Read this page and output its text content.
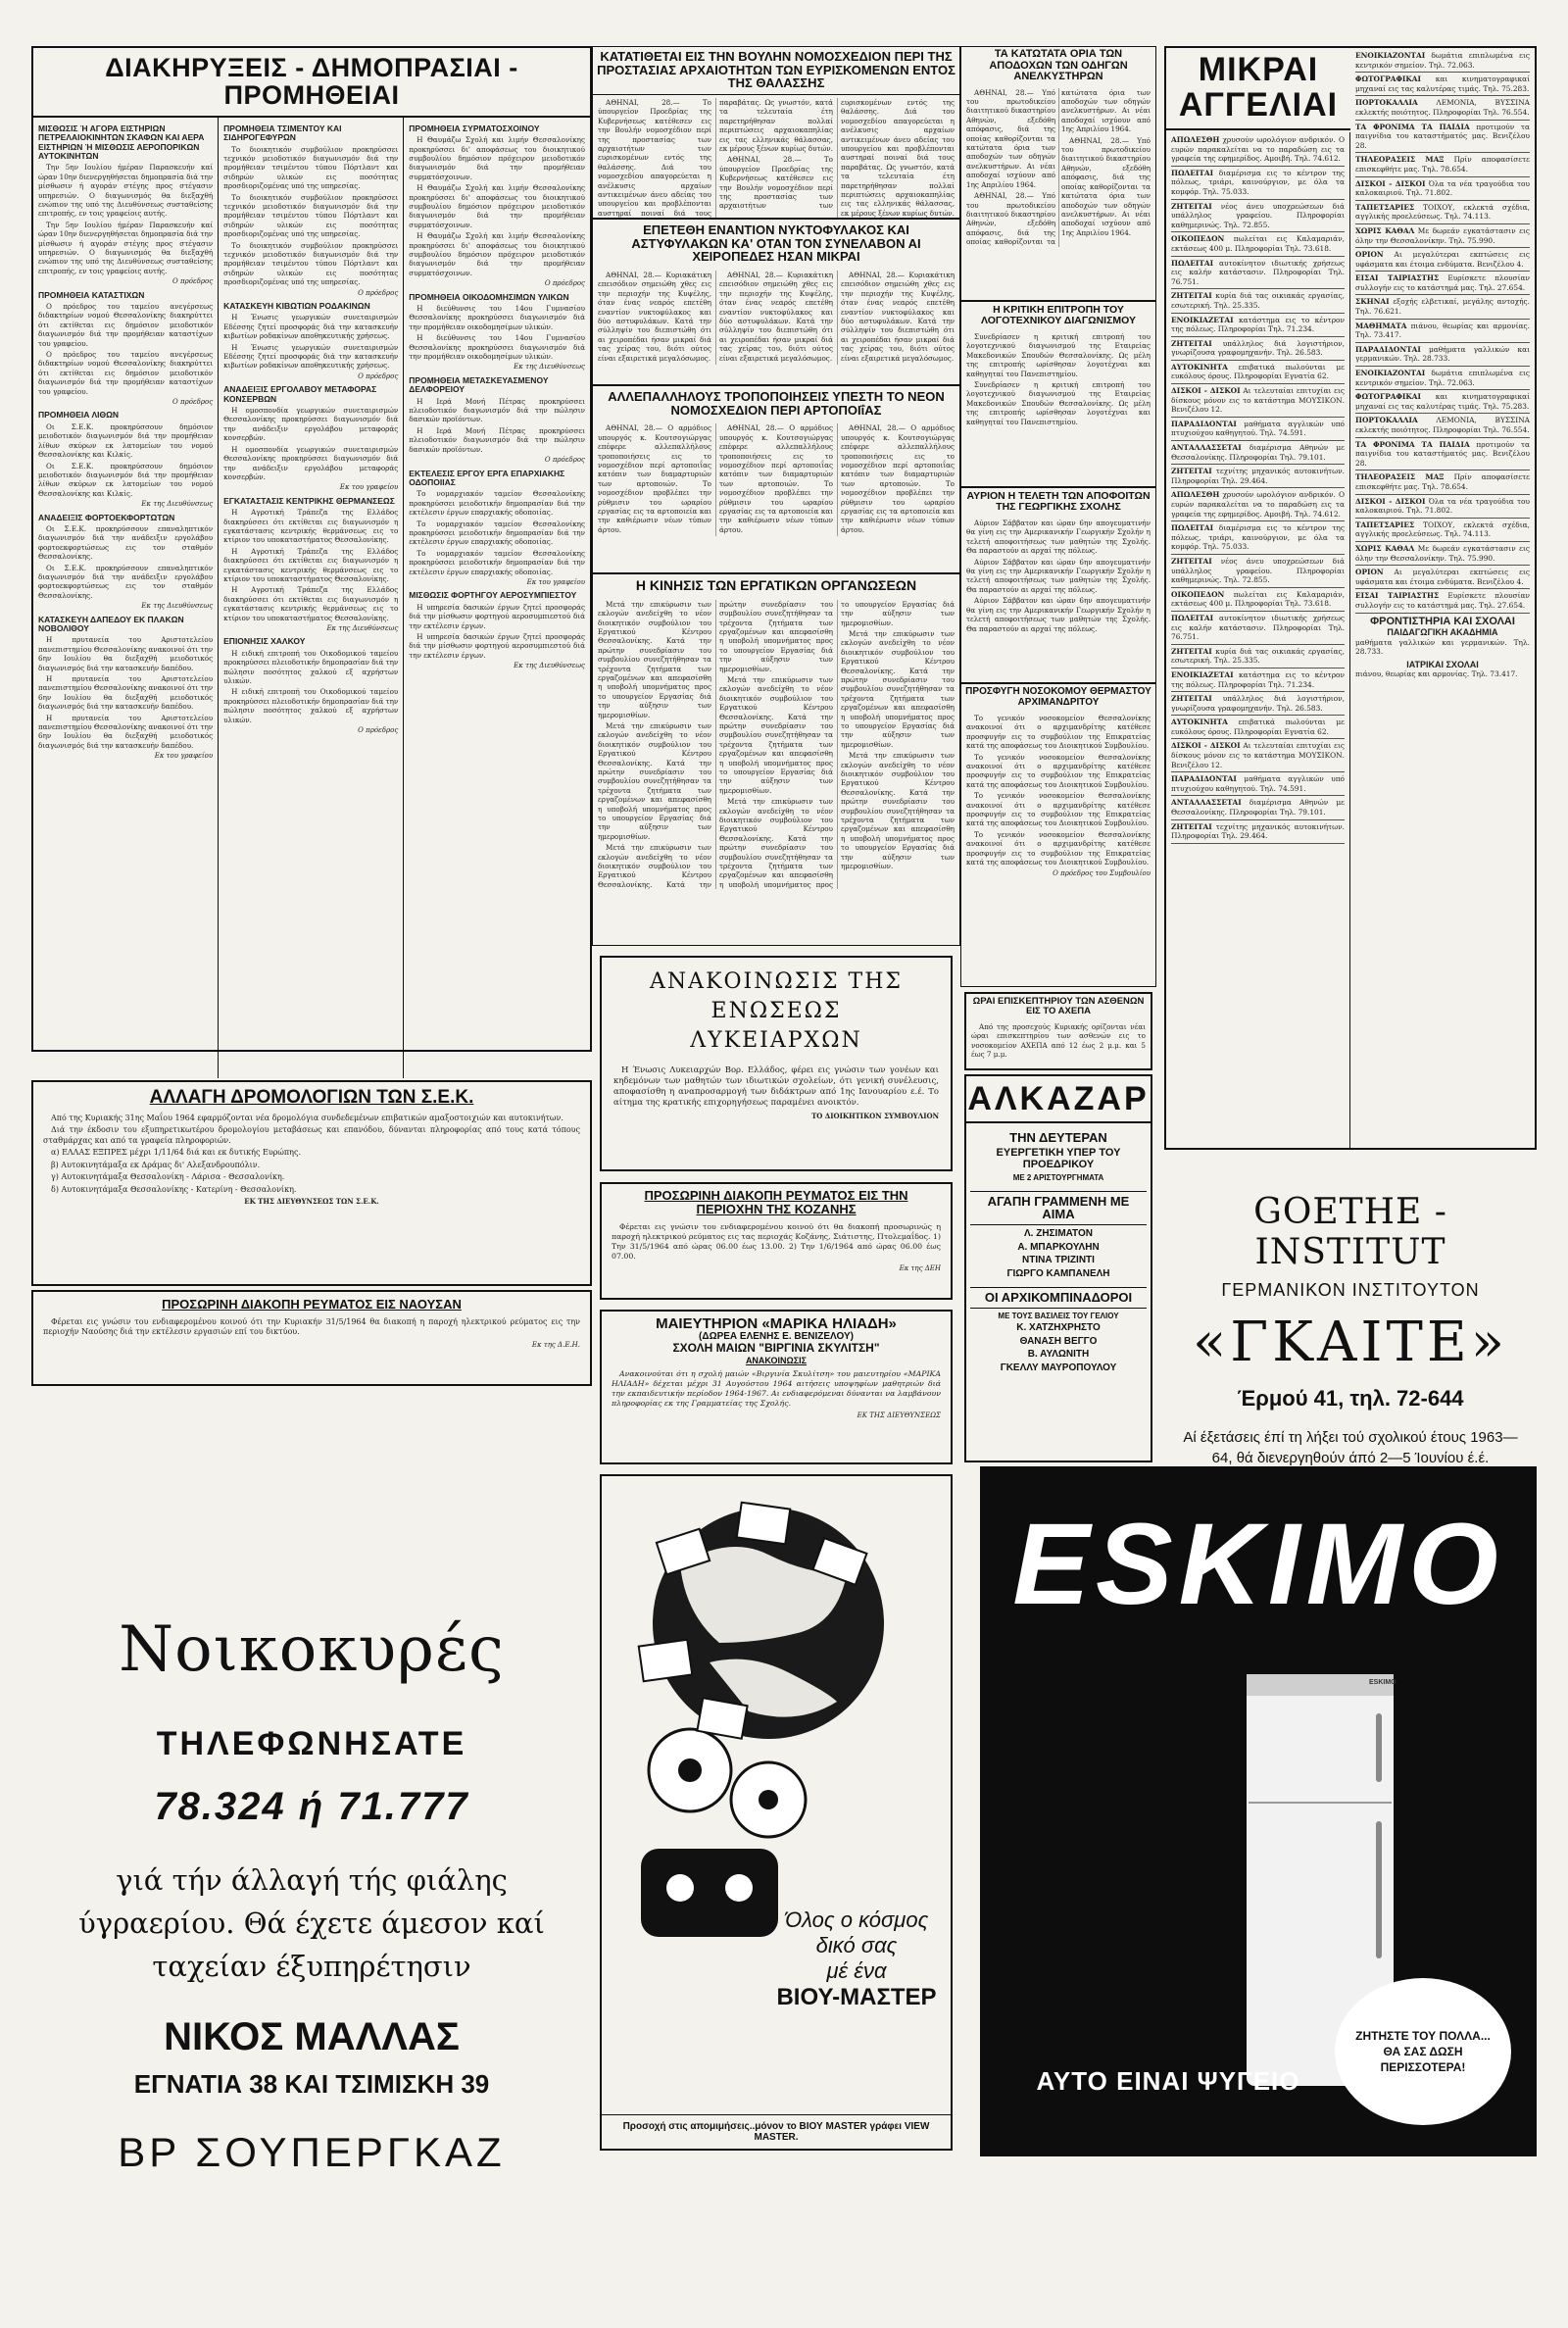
ΔΙΑΚΗΡΥΞΕΙΣ - ΔΗΜΟΠΡΑΣΙΑΙ - ΠΡΟΜΗΘΕΙΑΙ
ΜΙΣΘΩΣΙΣ Ή ΑΓΟΡΑ ΕΙΣΤΗΡΙΩΝ ΠΕΤΡΕΛΑΙΟΚΙΝΗΤΩΝ ΣΚΑΦΩΝ ΚΑΙ ΑΕΡΑ ΕΙΣΤΗΡΙΩΝ Ή ΜΙΣΘΩΣΙΣ ΑΕΡΟΠΟΡΙΚΩΝ ΑΥΤΟΚΙΝΗΤΩΝ

Την 5ην Ιουλίου ήμέραν Παρασκευήν καί ώραν 10ην διενεργηθήσεται δημοπρασία διά την μίσθωσιν ή αγοράν στέγης προς στέγασιν υπηρεσιών. Ο διαγωνισμός θα διεξαχθή ενώπιον της υπό της Διευθύνσεως συσταθείσης επιτροπής, εν τοις γραφείοις αυτής.

Την 5ην Ιουλίου ήμέραν Παρασκευήν καί ώραν 10ην διενεργηθήσεται δημοπρασία διά την μίσθωσιν ή αγοράν στέγης προς στέγασιν υπηρεσιών. Ο διαγωνισμός θα διεξαχθή ενώπιον της υπό της Διευθύνσεως συσταθείσης επιτροπής, εν τοις γραφείοις αυτής.

Ο πρόεδρος
ΠΡΟΜΗΘΕΙΑ ΚΑΤΑΣΤΙΧΩΝ

Ο πρόεδρος του ταμείου ανεγέρσεως διδακτηρίων νομού Θεσσαλονίκης διακηρύττει ότι εκτίθεται εις δημόσιον μειοδοτικόν διαγωνισμόν διά την προμήθειαν καταστίχων του γραφείου.

Ο πρόεδρος του ταμείου ανεγέρσεως διδακτηρίων νομού Θεσσαλονίκης διακηρύττει ότι εκτίθεται εις δημόσιον μειοδοτικόν διαγωνισμόν διά την προμήθειαν καταστίχων του γραφείου.

Ο πρόεδρος
ΠΡΟΜΗΘΕΙΑ ΛΙΘΩΝ

Οι Σ.Ε.Κ. προκηρύσσουν δημόσιον μειοδοτικόν διαγωνισμόν διά την προμήθειαν λίθων σκύρων εκ λατομείων του νομού Θεσσαλονίκης και Κιλκίς.

Οι Σ.Ε.Κ. προκηρύσσουν δημόσιον μειοδοτικόν διαγωνισμόν διά την προμήθειαν λίθων σκύρων εκ λατομείων του νομού Θεσσαλονίκης και Κιλκίς.

Εκ της Διευθύνσεως
ΑΝΑΔΕΙΞΙΣ ΦΟΡΤΟΕΚΦΟΡΤΩΤΩΝ

Οι Σ.Ε.Κ. προκηρύσσουν επαναληπτικόν διαγωνισμόν διά την ανάδειξιν εργολάβου φορτοεκφορτώσεως εις τον σταθμόν Θεσσαλονίκης.

Οι Σ.Ε.Κ. προκηρύσσουν επαναληπτικόν διαγωνισμόν διά την ανάδειξιν εργολάβου φορτοεκφορτώσεως εις τον σταθμόν Θεσσαλονίκης.

Εκ της Διευθύνσεως
ΚΑΤΑΣΚΕΥΗ ΔΑΠΕΔΟΥ ΕΚ ΠΛΑΚΩΝ ΝΟΒΟΛΙΘΟΥ

Η πρυτανεία του Αριστοτελείου πανεπιστημίου Θεσσαλονίκης ανακοινοί ότι την 6ην Ιουλίου θα διεξαχθή μειοδοτικός διαγωνισμός διά την κατασκευήν δαπέδου.

Η πρυτανεία του Αριστοτελείου πανεπιστημίου Θεσσαλονίκης ανακοινοί ότι την 6ην Ιουλίου θα διεξαχθή μειοδοτικός διαγωνισμός διά την κατασκευήν δαπέδου.

Η πρυτανεία του Αριστοτελείου πανεπιστημίου Θεσσαλονίκης ανακοινοί ότι την 6ην Ιουλίου θα διεξαχθή μειοδοτικός διαγωνισμός διά την κατασκευήν δαπέδου.

Εκ του γραφείου
ΠΡΟΜΗΘΕΙΑ ΤΣΙΜΕΝΤΟΥ ΚΑΙ ΣΙΔΗΡΟΓΕΦΥΡΩΝ

Το διοικητικόν συμβούλιον προκηρύσσει τεχνικόν μειοδοτικόν διαγωνισμόν διά την προμήθειαν τσιμέντου τύπου Πόρτλαντ και σιδηρών υλικών εις ποσότητας προσδιοριζομένας υπό της υπηρεσίας.

Το διοικητικόν συμβούλιον προκηρύσσει τεχνικόν μειοδοτικόν διαγωνισμόν διά την προμήθειαν τσιμέντου τύπου Πόρτλαντ και σιδηρών υλικών εις ποσότητας προσδιοριζομένας υπό της υπηρεσίας.

Το διοικητικόν συμβούλιον προκηρύσσει τεχνικόν μειοδοτικόν διαγωνισμόν διά την προμήθειαν τσιμέντου τύπου Πόρτλαντ και σιδηρών υλικών εις ποσότητας προσδιοριζομένας υπό της υπηρεσίας.

Ο πρόεδρος
ΚΑΤΑΣΚΕΥΗ ΚΙΒΩΤΙΩΝ ΡΟΔΑΚΙΝΩΝ

Η Ένωσις γεωργικών συνεταιρισμών Εδέσσης ζητεί προσφοράς διά την κατασκευήν κιβωτίων ροδακίνων αποθηκευτικής χρήσεως.

Η Ένωσις γεωργικών συνεταιρισμών Εδέσσης ζητεί προσφοράς διά την κατασκευήν κιβωτίων ροδακίνων αποθηκευτικής χρήσεως.

Ο πρόεδρος
ΑΝΑΔΕΙΞΙΣ ΕΡΓΟΛΑΒΟΥ ΜΕΤΑΦΟΡΑΣ ΚΟΝΣΕΡΒΩΝ

Η ομοσπονδία γεωργικών συνεταιρισμών Θεσσαλονίκης προκηρύσσει διαγωνισμόν διά την ανάδειξιν εργολάβου μεταφοράς κονσερβών.

Η ομοσπονδία γεωργικών συνεταιρισμών Θεσσαλονίκης προκηρύσσει διαγωνισμόν διά την ανάδειξιν εργολάβου μεταφοράς κονσερβών.

Εκ του γραφείου
ΕΓΚΑΤΑΣΤΑΣΙΣ ΚΕΝΤΡΙΚΗΣ ΘΕΡΜΑΝΣΕΩΣ

Η Αγροτική Τράπεζα της Ελλάδος διακηρύσσει ότι εκτίθεται εις διαγωνισμόν η εγκατάστασις κεντρικής θερμάνσεως εις το κτίριον του υποκαταστήματος Θεσσαλονίκης.

Η Αγροτική Τράπεζα της Ελλάδος διακηρύσσει ότι εκτίθεται εις διαγωνισμόν η εγκατάστασις κεντρικής θερμάνσεως εις το κτίριον του υποκαταστήματος Θεσσαλονίκης.

Η Αγροτική Τράπεζα της Ελλάδος διακηρύσσει ότι εκτίθεται εις διαγωνισμόν η εγκατάστασις κεντρικής θερμάνσεως εις το κτίριον του υποκαταστήματος Θεσσαλονίκης.

Εκ της Διευθύνσεως
ΕΠΙΟΝΗΣΙΣ ΧΑΛΚΟΥ

Η ειδική επιτροπή του Οικοδομικού ταμείου προκηρύσσει πλειοδοτικήν δημοπρασίαν διά την πώλησιν ποσότητος χαλκού εξ αχρήστων υλικών.

Η ειδική επιτροπή του Οικοδομικού ταμείου προκηρύσσει πλειοδοτικήν δημοπρασίαν διά την πώλησιν ποσότητος χαλκού εξ αχρήστων υλικών.

Ο πρόεδρος
ΠΡΟΜΗΘΕΙΑ ΣΥΡΜΑΤΟΣΧΟΙΝΟΥ

Η Θαυμάζω Σχολή και λιμήν Θεσσαλονίκης προκηρύσσει δι' αποφάσεως του διοικητικού συμβουλίου δημόσιον πρόχειρον μειοδοτικόν διαγωνισμόν διά την προμήθειαν συρματόσχοινων.

Η Θαυμάζω Σχολή και λιμήν Θεσσαλονίκης προκηρύσσει δι' αποφάσεως του διοικητικού συμβουλίου δημόσιον πρόχειρον μειοδοτικόν διαγωνισμόν διά την προμήθειαν συρματόσχοινων.

Η Θαυμάζω Σχολή και λιμήν Θεσσαλονίκης προκηρύσσει δι' αποφάσεως του διοικητικού συμβουλίου δημόσιον πρόχειρον μειοδοτικόν διαγωνισμόν διά την προμήθειαν συρματόσχοινων.

Ο πρόεδρος
ΠΡΟΜΗΘΕΙΑ ΟΙΚΟΔΟΜΗΣΙΜΩΝ ΥΛΙΚΩΝ

Η διεύθυνσις του 14ου Γυμνασίου Θεσσαλονίκης προκηρύσσει διαγωνισμόν διά την προμήθειαν οικοδομησίμων υλικών.

Η διεύθυνσις του 14ου Γυμνασίου Θεσσαλονίκης προκηρύσσει διαγωνισμόν διά την προμήθειαν οικοδομησίμων υλικών.

Εκ της Διευθύνσεως
ΠΡΟΜΗΘΕΙΑ ΜΕΤΑΣΚΕΥΑΣΜΕΝΟΥ ΔΕΛΦΟΡΕΙΟΥ

Η Ιερά Μονή Πέτρας προκηρύσσει πλειοδοτικόν διαγωνισμόν διά την πώλησιν δασικών προϊόντων.

Η Ιερά Μονή Πέτρας προκηρύσσει πλειοδοτικόν διαγωνισμόν διά την πώλησιν δασικών προϊόντων.

Ο πρόεδρος
ΕΚΤΕΛΕΣΙΣ ΕΡΓΟΥ ΕΡΓΑ ΕΠΑΡΧΙΑΚΗΣ ΟΔΟΠΟΙΙΑΣ

Το νομαρχιακόν ταμείον Θεσσαλονίκης προκηρύσσει μειοδοτικήν δημοπρασίαν διά την εκτέλεσιν έργων επαρχιακής οδοποιίας.

Το νομαρχιακόν ταμείον Θεσσαλονίκης προκηρύσσει μειοδοτικήν δημοπρασίαν διά την εκτέλεσιν έργων επαρχιακής οδοποιίας.

Το νομαρχιακόν ταμείον Θεσσαλονίκης προκηρύσσει μειοδοτικήν δημοπρασίαν διά την εκτέλεσιν έργων επαρχιακής οδοποιίας.

Εκ του γραφείου
ΜΙΣΘΩΣΙΣ ΦΟΡΤΗΓΟΥ ΑΕΡΟΣΥΜΠΙΕΣΤΟΥ

Η υπηρεσία δασικών έργων ζητεί προσφοράς διά την μίσθωσιν φορτηγού αεροσυμπιεστού διά την εκτέλεσιν έργων.

Η υπηρεσία δασικών έργων ζητεί προσφοράς διά την μίσθωσιν φορτηγού αεροσυμπιεστού διά την εκτέλεσιν έργων.

Εκ της Διευθύνσεως
ΑΛΛΑΓΗ ΔΡΟΜΟΛΟΓΙΩΝ ΤΩΝ Σ.Ε.Κ.

Από της Κυριακής 31ης Μαΐου 1964 εφαρμόζονται νέα δρομολόγια συνδεδεμένων επιβατικών αμαξοστοιχιών και αυτοκινήτων.

Διά την έκδοσιν του εξυπηρετικωτέρου δρομολογίου μεταβάσεως και επανόδου, δύνανται πληροφορίας από τους κατά τόπους σταθμάρχας και από τα γραφεία πληροφοριών.

α) ΕΛΛΑΣ ΕΞΠΡΕΣ μέχρι 1/11/64 διά και εκ δυτικής Ευρώπης.

β) Αυτοκινητάμαξα εκ Δράμας δι' Αλεξανδρουπόλιν.

γ) Αυτοκινητάμαξα Θεσσαλονίκη - Λάρισα - Θεσσαλονίκη.

δ) Αυτοκινητάμαξα Θεσσαλονίκης - Κατερίνη - Θεσσαλονίκη.

ΕΚ ΤΗΣ ΔΙΕΥΘΥΝΣΕΩΣ ΤΩΝ Σ.Ε.Κ.
ΠΡΟΣΩΡΙΝΗ ΔΙΑΚΟΠΗ ΡΕΥΜΑΤΟΣ ΕΙΣ ΝΑΟΥΣΑΝ

Φέρεται εις γνώσιν του ενδιαφερομένου κοινού ότι την Κυριακήν 31/5/1964 θα διακοπή η παροχή ηλεκτρικού ρεύματος εις την περιοχήν Ναούσης διά την εκτέλεσιν εργασιών επί του δικτύου.

Εκ της Δ.Ε.Η.
Νοικοκυρές
ΤΗΛΕΦΩΝΗΣΑΤΕ
78.324 ή 71.777
γιά τήν άλλαγή τής φιάλης ύγραερίου. Θά έχετε άμεσον καί ταχείαν έξυπηρέτησιν
ΝΙΚΟΣ ΜΑΛΛΑΣ
ΕΓΝΑΤΙΑ 38 ΚΑΙ ΤΣΙΜΙΣΚΗ 39
ΒΡ ΣΟΥΠΕΡΓΚΑΖ
ΚΑΤΑΤΙΘΕΤΑΙ ΕΙΣ ΤΗΝ ΒΟΥΛΗΝ ΝΟΜΟΣΧΕΔΙΟΝ ΠΕΡΙ ΤΗΣ ΠΡΟΣΤΑΣΙΑΣ ΑΡΧΑΙΟΤΗΤΩΝ ΤΩΝ ΕΥΡΙΣΚΟΜΕΝΩΝ ΕΝΤΟΣ ΤΗΣ ΘΑΛΑΣΣΗΣ

ΑΘΗΝΑΙ, 28.— Το ύπουργείον Προεδρίας της Κυβερνήσεως κατέθεσεν εις την Βουλήν νομοσχέδιον περί της προστασίας των αρχαιοτήτων των ευρισκομένων εντός της θαλάσσης. Διά του νομοσχεδίου απαγορεύεται η ανέλκυσις αρχαίων αντικειμένων άνευ αδείας του υπουργείου και προβλέπονται αυστηραί ποιναί διά τους παραβάτας. Ως γνωστόν, κατά τα τελευταία έτη παρετηρήθησαν πολλαί περιπτώσεις αρχαιοκαπηλίας εις τας ελληνικάς θάλασσας, εκ μέρους ξένων κυρίως δυτών.

ΑΘΗΝΑΙ, 28.— Το ύπουργείον Προεδρίας της Κυβερνήσεως κατέθεσεν εις την Βουλήν νομοσχέδιον περί της προστασίας των αρχαιοτήτων των ευρισκομένων εντός της θαλάσσης. Διά του νομοσχεδίου απαγορεύεται η ανέλκυσις αρχαίων αντικειμένων άνευ αδείας του υπουργείου και προβλέπονται αυστηραί ποιναί διά τους παραβάτας. Ως γνωστόν, κατά τα τελευταία έτη παρετηρήθησαν πολλαί περιπτώσεις αρχαιοκαπηλίας εις τας ελληνικάς θάλασσας, εκ μέρους ξένων κυρίως δυτών.

ΕΠΕΤΕΘΗ ΕΝΑΝΤΙΟΝ ΝΥΚΤΟΦΥΛΑΚΟΣ ΚΑΙ ΑΣΤΥΦΥΛΑΚΩΝ ΚΑ' ΟΤΑΝ ΤΟΝ ΣΥΝΕΛΑΒΟΝ ΑΙ ΧΕΙΡΟΠΕΔΕΣ ΗΣΑΝ ΜΙΚΡΑΙ

ΑΘΗΝΑΙ, 28.— Κυριακάτικη επεισόδιον σημειώθη χθες εις την περιοχήν της Κυψέλης, όταν ένας νεαρός επετέθη εναντίον νυκτοφύλακος και δύο αστυφυλάκων. Κατά την σύλληψίν του διεπιστώθη ότι αι χειροπέδαι ήσαν μικραί διά τας χείρας του, διότι ούτος είναι εξαιρετικά μεγαλόσωμος.

ΑΘΗΝΑΙ, 28.— Κυριακάτικη επεισόδιον σημειώθη χθες εις την περιοχήν της Κυψέλης, όταν ένας νεαρός επετέθη εναντίον νυκτοφύλακος και δύο αστυφυλάκων. Κατά την σύλληψίν του διεπιστώθη ότι αι χειροπέδαι ήσαν μικραί διά τας χείρας του, διότι ούτος είναι εξαιρετικά μεγαλόσωμος.

ΑΘΗΝΑΙ, 28.— Κυριακάτικη επεισόδιον σημειώθη χθες εις την περιοχήν της Κυψέλης, όταν ένας νεαρός επετέθη εναντίον νυκτοφύλακος και δύο αστυφυλάκων. Κατά την σύλληψίν του διεπιστώθη ότι αι χειροπέδαι ήσαν μικραί διά τας χείρας του, διότι ούτος είναι εξαιρετικά μεγαλόσωμος.

ΑΛΛΕΠΑΛΛΗΛΟΥΣ ΤΡΟΠΟΠΟΙΗΣΕΙΣ ΥΠΕΣΤΗ ΤΟ ΝΕΟΝ ΝΟΜΟΣΧΕΔΙΟΝ ΠΕΡΙ ΑΡΤΟΠΟΙΐΑΣ

ΑΘΗΝΑΙ, 28.— Ο αρμόδιος υπουργός κ. Κουτσογιώργας επέφερε αλλεπαλλήλους τροποποιήσεις εις το νομοσχέδιον περί αρτοποιΐας κατόπιν των διαμαρτυριών των αρτοποιών. Το νομοσχέδιον προβλέπει την ρύθμισιν του ωραρίου εργασίας εις τα αρτοποιεία και την καθιέρωσιν νέων τύπων άρτου.

ΑΘΗΝΑΙ, 28.— Ο αρμόδιος υπουργός κ. Κουτσογιώργας επέφερε αλλεπαλλήλους τροποποιήσεις εις το νομοσχέδιον περί αρτοποιΐας κατόπιν των διαμαρτυριών των αρτοποιών. Το νομοσχέδιον προβλέπει την ρύθμισιν του ωραρίου εργασίας εις τα αρτοποιεία και την καθιέρωσιν νέων τύπων άρτου.

ΑΘΗΝΑΙ, 28.— Ο αρμόδιος υπουργός κ. Κουτσογιώργας επέφερε αλλεπαλλήλους τροποποιήσεις εις το νομοσχέδιον περί αρτοποιΐας κατόπιν των διαμαρτυριών των αρτοποιών. Το νομοσχέδιον προβλέπει την ρύθμισιν του ωραρίου εργασίας εις τα αρτοποιεία και την καθιέρωσιν νέων τύπων άρτου.

Η ΚΙΝΗΣΙΣ ΤΩΝ ΕΡΓΑΤΙΚΩΝ ΟΡΓΑΝΩΣΕΩΝ

Μετά την επικύρωσιν των εκλογών ανεδείχθη το νέον διοικητικόν συμβούλιον του Εργατικού Κέντρου Θεσσαλονίκης. Κατά την πρώτην συνεδρίασιν του συμβουλίου συνεζητήθησαν τα τρέχοντα ζητήματα των εργαζομένων και απεφασίσθη η υποβολή υπομνήματος προς το υπουργείον Εργασίας διά την αύξησιν των ημερομισθίων.

Μετά την επικύρωσιν των εκλογών ανεδείχθη το νέον διοικητικόν συμβούλιον του Εργατικού Κέντρου Θεσσαλονίκης. Κατά την πρώτην συνεδρίασιν του συμβουλίου συνεζητήθησαν τα τρέχοντα ζητήματα των εργαζομένων και απεφασίσθη η υποβολή υπομνήματος προς το υπουργείον Εργασίας διά την αύξησιν των ημερομισθίων.

Μετά την επικύρωσιν των εκλογών ανεδείχθη το νέον διοικητικόν συμβούλιον του Εργατικού Κέντρου Θεσσαλονίκης. Κατά την πρώτην συνεδρίασιν του συμβουλίου συνεζητήθησαν τα τρέχοντα ζητήματα των εργαζομένων και απεφασίσθη η υποβολή υπομνήματος προς το υπουργείον Εργασίας διά την αύξησιν των ημερομισθίων.

Μετά την επικύρωσιν των εκλογών ανεδείχθη το νέον διοικητικόν συμβούλιον του Εργατικού Κέντρου Θεσσαλονίκης. Κατά την πρώτην συνεδρίασιν του συμβουλίου συνεζητήθησαν τα τρέχοντα ζητήματα των εργαζομένων και απεφασίσθη η υποβολή υπομνήματος προς το υπουργείον Εργασίας διά την αύξησιν των ημερομισθίων.

Μετά την επικύρωσιν των εκλογών ανεδείχθη το νέον διοικητικόν συμβούλιον του Εργατικού Κέντρου Θεσσαλονίκης. Κατά την πρώτην συνεδρίασιν του συμβουλίου συνεζητήθησαν τα τρέχοντα ζητήματα των εργαζομένων και απεφασίσθη η υποβολή υπομνήματος προς το υπουργείον Εργασίας διά την αύξησιν των ημερομισθίων.

Μετά την επικύρωσιν των εκλογών ανεδείχθη το νέον διοικητικόν συμβούλιον του Εργατικού Κέντρου Θεσσαλονίκης. Κατά την πρώτην συνεδρίασιν του συμβουλίου συνεζητήθησαν τα τρέχοντα ζητήματα των εργαζομένων και απεφασίσθη η υποβολή υπομνήματος προς το υπουργείον Εργασίας διά την αύξησιν των ημερομισθίων.

Μετά την επικύρωσιν των εκλογών ανεδείχθη το νέον διοικητικόν συμβούλιον του Εργατικού Κέντρου Θεσσαλονίκης. Κατά την πρώτην συνεδρίασιν του συμβουλίου συνεζητήθησαν τα τρέχοντα ζητήματα των εργαζομένων και απεφασίσθη η υποβολή υπομνήματος προς το υπουργείον Εργασίας διά την αύξησιν των ημερομισθίων.

ΑΝΑΚΟΙΝΩΣΙΣ ΤΗΣ ΕΝΩΣΕΩΣ ΛΥΚΕΙΑΡΧΩΝ

Η Ένωσις Λυκειαρχών Βορ. Ελλάδος, φέρει εις γνώσιν των γονέων και κηδεμόνων των μαθητών των ιδιωτικών σχολείων, ότι γενική συνέλευσις, αποφασίσθη η αναπροσαρμογή των διδάκτρων από 1ης Ιανουαρίου ε.έ. Το αίτημα της κρατικής επιχορηγήσεως παραμένει ανοικτόν.

ΤΟ ΔΙΟΙΚΗΤΙΚΟΝ ΣΥΜΒΟΥΛΙΟΝ
ΠΡΟΣΩΡΙΝΗ ΔΙΑΚΟΠΗ ΡΕΥΜΑΤΟΣ ΕΙΣ ΤΗΝ ΠΕΡΙΟΧΗΝ ΤΗΣ ΚΟΖΑΝΗΣ

Φέρεται εις γνώσιν του ενδιαφερομένου κοινού ότι θα διακοπή προσωρινώς η παροχή ηλεκτρικού ρεύματος εις τας περιοχάς Κοζάνης, Σιάτιστης, Πτολεμαΐδος. 1) Την 31/5/1964 από ώρας 06.00 έως 13.00. 2) Την 1/6/1964 από ώρας 06.00 έως 07.00.

Εκ της ΔΕΗ
ΜΑΙΕΥΤΗΡΙΟΝ «ΜΑΡΙΚΑ ΗΛΙΑΔΗ»
(ΔΩΡΕΑ ΕΛΕΝΗΣ Ε. ΒΕΝΙΖΕΛΟΥ)
ΣΧΟΛΗ ΜΑΙΩΝ "ΒΙΡΓΙΝΙΑ ΣΚΥΛΙΤΣΗ"
ΑΝΑΚΟΙΝΩΣΙΣ

Ανακοινούται ότι η σχολή μαιών «Βιργινία Σκυλίτση» του μαιευτηρίου «ΜΑΡΙΚΑ ΗΛΙΑΔΗ» δέχεται μέχρι 31 Αυγούστου 1964 αιτήσεις υποψηφίων μαθητριών διά την εκπαιδευτικήν περίοδον 1964-1967. Αι ενδιαφερόμεναι δύνανται να λαμβάνουν πληροφορίας εκ της Γραμματείας της Σχολής.

ΕΚ ΤΗΣ ΔΙΕΥΘΥΝΣΕΩΣ
Όλος ο κόσμος
δικό σας
μέ ένα
ΒΙΟΥ-ΜΑΣΤΕΡ
Προσοχή στις απομιμήσεις..μόνον το ΒΙΟΥ MASTER γράφει VIEW MASTER.
ΤΑ ΚΑΤΩΤΑΤΑ ΟΡΙΑ ΤΩΝ ΑΠΟΔΟΧΩΝ ΤΩΝ ΟΔΗΓΩΝ ΑΝΕΛΚΥΣΤΗΡΩΝ

ΑΘΗΝΑΙ, 28.— Υπό του πρωτοδικείου διαιτητικού δικαστηρίου Αθηνών, εξεδόθη απόφασις, διά της οποίας καθορίζονται τα κατώτατα όρια των αποδοχών των οδηγών ανελκυστήρων. Αι νέαι αποδοχαί ισχύουν από 1ης Απριλίου 1964.

ΑΘΗΝΑΙ, 28.— Υπό του πρωτοδικείου διαιτητικού δικαστηρίου Αθηνών, εξεδόθη απόφασις, διά της οποίας καθορίζονται τα κατώτατα όρια των αποδοχών των οδηγών ανελκυστήρων. Αι νέαι αποδοχαί ισχύουν από 1ης Απριλίου 1964.

ΑΘΗΝΑΙ, 28.— Υπό του πρωτοδικείου διαιτητικού δικαστηρίου Αθηνών, εξεδόθη απόφασις, διά της οποίας καθορίζονται τα κατώτατα όρια των αποδοχών των οδηγών ανελκυστήρων. Αι νέαι αποδοχαί ισχύουν από 1ης Απριλίου 1964.

Η ΚΡΙΤΙΚΗ ΕΠΙΤΡΟΠΗ ΤΟΥ ΛΟΓΟΤΕΧΝΙΚΟΥ ΔΙΑΓΩΝΙΣΜΟΥ

Συνεδρίασεν η κριτική επιτροπή του λογοτεχνικού διαγωνισμού της Εταιρείας Μακεδονικών Σπουδών Θεσσαλονίκης. Ως μέλη της επιτροπής ωρίσθησαν λογοτέχναι και καθηγηταί του Πανεπιστημίου.

Συνεδρίασεν η κριτική επιτροπή του λογοτεχνικού διαγωνισμού της Εταιρείας Μακεδονικών Σπουδών Θεσσαλονίκης. Ως μέλη της επιτροπής ωρίσθησαν λογοτέχναι και καθηγηταί του Πανεπιστημίου.

ΑΥΡΙΟΝ Η ΤΕΛΕΤΗ ΤΩΝ ΑΠΟΦΟΙΤΩΝ ΤΗΣ ΓΕΩΡΓΙΚΗΣ ΣΧΟΛΗΣ

Αύριον Σάββατον και ώραν 6ην απογευματινήν θα γίνη εις την Αμερικανικήν Γεωργικήν Σχολήν η τελετή αποφοιτήσεως των μαθητών της Σχολής. Θα παραστούν αι αρχαί της πόλεως.

Αύριον Σάββατον και ώραν 6ην απογευματινήν θα γίνη εις την Αμερικανικήν Γεωργικήν Σχολήν η τελετή αποφοιτήσεως των μαθητών της Σχολής. Θα παραστούν αι αρχαί της πόλεως.

Αύριον Σάββατον και ώραν 6ην απογευματινήν θα γίνη εις την Αμερικανικήν Γεωργικήν Σχολήν η τελετή αποφοιτήσεως των μαθητών της Σχολής. Θα παραστούν αι αρχαί της πόλεως.

ΠΡΟΣΦΥΓΗ ΝΟΣΟΚΟΜΟΥ ΘΕΡΜΑΣΤΟΥ ΑΡΧΙΜΑΝΔΡΙΤΟΥ

Το γενικόν νοσοκομείον Θεσσαλονίκης ανακοινοί ότι ο αρχιμανδρίτης κατέθεσε προσφυγήν εις το συμβούλιον της Επικρατείας κατά της αποφάσεως του Διοικητικού Συμβουλίου.

Το γενικόν νοσοκομείον Θεσσαλονίκης ανακοινοί ότι ο αρχιμανδρίτης κατέθεσε προσφυγήν εις το συμβούλιον της Επικρατείας κατά της αποφάσεως του Διοικητικού Συμβουλίου.

Το γενικόν νοσοκομείον Θεσσαλονίκης ανακοινοί ότι ο αρχιμανδρίτης κατέθεσε προσφυγήν εις το συμβούλιον της Επικρατείας κατά της αποφάσεως του Διοικητικού Συμβουλίου.

Το γενικόν νοσοκομείον Θεσσαλονίκης ανακοινοί ότι ο αρχιμανδρίτης κατέθεσε προσφυγήν εις το συμβούλιον της Επικρατείας κατά της αποφάσεως του Διοικητικού Συμβουλίου.

Ο πρόεδρος του Συμβουλίου
ΩΡΑΙ ΕΠΙΣΚΕΠΤΗΡΙΟΥ ΤΩΝ ΑΣΘΕΝΩΝ ΕΙΣ ΤΟ ΑΧΕΠΑ

Από της προσεχούς Κυριακής ορίζονται νέαι ώραι επισκεπτηρίου των ασθενών εις το νοσοκομείον ΑΧΕΠΑ από 12 έως 2 μ.μ. και 5 έως 7 μ.μ.

ΑΛΚΑΖΑΡ
ΤΗΝ ΔΕΥΤΕΡΑΝ
ΕΥΕΡΓΕΤΙΚΗ ΥΠΕΡ ΤΟΥ
ΠΡΟΕΔΡΙΚΟΥ
ΜΕ 2 ΑΡΙΣΤΟΥΡΓΗΜΑΤΑ
ΑΓΑΠΗ ΓΡΑΜΜΕΝΗ ΜΕ ΑΙΜΑ
Λ. ΖΗΣΙΜΑΤΟΝ
Α. ΜΠΑΡΚΟΥΛΗΝ
ΝΤΙΝΑ ΤΡΙΖΙΝΤΙ
ΓΙΩΡΓΟ ΚΑΜΠΑΝΕΛΗ
ΟΙ ΑΡΧΙΚΟΜΠΙΝΑΔΟΡΟΙ
ΜΕ ΤΟΥΣ ΒΑΣΙΛΕΙΣ ΤΟΥ ΓΕΛΙΟΥ
Κ. ΧΑΤΖΗΧΡΗΣΤΟ
ΘΑΝΑΣΗ ΒΕΓΓΟ
Β. ΑΥΛΩΝΙΤΗ
ΓΚΕΛΛΥ ΜΑΥΡΟΠΟΥΛΟΥ
ΜΙΚΡΑΙ ΑΓΓΕΛΙΑΙ
ΑΠΩΛΕΣΘΗ χρυσούν ωρολόγιον ανδρικόν. Ο ευρών παρακαλείται να το παραδώση εις τα γραφεία της εφημερίδος. Αμοιβή. Τηλ. 74.612.
ΠΩΛΕΙΤΑΙ διαμέρισμα εις το κέντρον της πόλεως, τριάρι, καινούργιον, με όλα τα κομφόρ. Τηλ. 75.033.
ΖΗΤΕΙΤΑΙ νέος άνευ υποχρεώσεων διά υπάλληλος γραφείου. Πληροφορίαι καθημερινώς. Τηλ. 72.855.
ΟΙΚΟΠΕΔΟΝ πωλείται εις Καλαμαριάν, εκτάσεως 400 μ. Πληροφορίαι Τηλ. 73.618.
ΠΩΛΕΙΤΑΙ αυτοκίνητον ιδιωτικής χρήσεως εις καλήν κατάστασιν. Πληροφορίαι Τηλ. 76.751.
ΖΗΤΕΙΤΑΙ κυρία διά τας οικιακάς εργασίας, εσωτερική. Τηλ. 25.335.
ΕΝΟΙΚΙΑΖΕΤΑΙ κατάστημα εις το κέντρον της πόλεως. Πληροφορίαι Τηλ. 71.234.
ΖΗΤΕΙΤΑΙ υπάλληλος διά λογιστήριον, γνωρίζουσα γραφομηχανήν. Τηλ. 26.583.
ΑΥΤΟΚΙΝΗΤΑ επιβατικά πωλούνται με ευκόλους όρους. Πληροφορίαι Εγνατία 62.
ΔΙΣΚΟΙ - ΔΙΣΚΟΙ Αι τελευταίαι επιτυχίαι εις δίσκους μόνον εις το κατάστημα ΜΟΥΣΙΚΟΝ. Βενιζέλου 12.
ΠΑΡΑΔΙΔΟΝΤΑΙ μαθήματα αγγλικών υπό πτυχιούχου καθηγητού. Τηλ. 74.591.
ΑΝΤΑΛΛΑΣΣΕΤΑΙ διαμέρισμα Αθηνών με Θεσσαλονίκης. Πληροφορίαι Τηλ. 79.101.
ΖΗΤΕΙΤΑΙ τεχνίτης μηχανικός αυτοκινήτων. Πληροφορίαι Τηλ. 29.464.
ΑΠΩΛΕΣΘΗ χρυσούν ωρολόγιον ανδρικόν. Ο ευρών παρακαλείται να το παραδώση εις τα γραφεία της εφημερίδος. Αμοιβή. Τηλ. 74.612.
ΠΩΛΕΙΤΑΙ διαμέρισμα εις το κέντρον της πόλεως, τριάρι, καινούργιον, με όλα τα κομφόρ. Τηλ. 75.033.
ΖΗΤΕΙΤΑΙ νέος άνευ υποχρεώσεων διά υπάλληλος γραφείου. Πληροφορίαι καθημερινώς. Τηλ. 72.855.
ΟΙΚΟΠΕΔΟΝ πωλείται εις Καλαμαριάν, εκτάσεως 400 μ. Πληροφορίαι Τηλ. 73.618.
ΠΩΛΕΙΤΑΙ αυτοκίνητον ιδιωτικής χρήσεως εις καλήν κατάστασιν. Πληροφορίαι Τηλ. 76.751.
ΖΗΤΕΙΤΑΙ κυρία διά τας οικιακάς εργασίας, εσωτερική. Τηλ. 25.335.
ΕΝΟΙΚΙΑΖΕΤΑΙ κατάστημα εις το κέντρον της πόλεως. Πληροφορίαι Τηλ. 71.234.
ΖΗΤΕΙΤΑΙ υπάλληλος διά λογιστήριον, γνωρίζουσα γραφομηχανήν. Τηλ. 26.583.
ΑΥΤΟΚΙΝΗΤΑ επιβατικά πωλούνται με ευκόλους όρους. Πληροφορίαι Εγνατία 62.
ΔΙΣΚΟΙ - ΔΙΣΚΟΙ Αι τελευταίαι επιτυχίαι εις δίσκους μόνον εις το κατάστημα ΜΟΥΣΙΚΟΝ. Βενιζέλου 12.
ΠΑΡΑΔΙΔΟΝΤΑΙ μαθήματα αγγλικών υπό πτυχιούχου καθηγητού. Τηλ. 74.591.
ΑΝΤΑΛΛΑΣΣΕΤΑΙ διαμέρισμα Αθηνών με Θεσσαλονίκης. Πληροφορίαι Τηλ. 79.101.
ΖΗΤΕΙΤΑΙ τεχνίτης μηχανικός αυτοκινήτων. Πληροφορίαι Τηλ. 29.464.
ΕΝΟΙΚΙΑΖΟΝΤΑΙ δωμάτια επιπλωμένα εις κεντρικόν σημείον. Τηλ. 72.063.
ΦΩΤΟΓΡΑΦΙΚΑΙ και κινηματογραφικαί μηχαναί εις τας καλυτέρας τιμάς. Τηλ. 75.283.
ΠΟΡΤΟΚΑΛΛΙΑ	ΛΕΜΟΝΙΑ, ΒΥΣΣΙΝΑ εκλεκτής ποιότητος. Πληροφορίαι Τηλ. 76.554.
ΤΑ ΦΡΟΝΙΜΑ ΤΑ ΠΑΙΔΙΑ προτιμούν τα παιγνίδια του καταστήματός μας. Βενιζέλου 28.
ΤΗΛΕΟΡΑΣΕΙΣ ΜΑΞ Πρίν αποφασίσετε επισκεφθήτε μας. Τηλ. 78.654.
ΔΙΣΚΟΙ - ΔΙΣΚΟΙ Όλα τα νέα τραγούδια του καλοκαιριού. Τηλ. 71.802.
ΤΑΠΕΤΣΑΡΙΕΣ ΤΟΙΧΟΥ, εκλεκτά σχέδια, αγγλικής προελεύσεως. Τηλ. 74.113.
ΧΩΡΙΣ ΚΑΘΑΛ Με δωρεάν εγκατάστασιν εις όλην την Θεσσαλονίκην. Τηλ. 75.990.
ΟΡΙΟΝ Αι μεγαλύτεραι εκπτώσεις εις υφάσματα και έτοιμα ενδύματα. Βενιζέλου 4.
ΕΙΣΑΙ ΤΑΙΡΙΑΣΤΗΣ Ευρίσκετε πλουσίαν συλλογήν εις το κατάστημά μας. Τηλ. 27.654.
ΣΚΗΝΑΙ εξοχής ελβετικαί, μεγάλης αντοχής. Τηλ. 76.621.
ΜΑΘΗΜΑΤΑ πιάνου, θεωρίας και αρμονίας. Τηλ. 73.417.
ΠΑΡΑΔΙΔΟΝΤΑΙ μαθήματα γαλλικών και γερμανικών. Τηλ. 28.733.
ΕΝΟΙΚΙΑΖΟΝΤΑΙ δωμάτια επιπλωμένα εις κεντρικόν σημείον. Τηλ. 72.063.
ΦΩΤΟΓΡΑΦΙΚΑΙ και κινηματογραφικαί μηχαναί εις τας καλυτέρας τιμάς. Τηλ. 75.283.
ΠΟΡΤΟΚΑΛΛΙΑ	ΛΕΜΟΝΙΑ, ΒΥΣΣΙΝΑ εκλεκτής ποιότητος. Πληροφορίαι Τηλ. 76.554.
ΤΑ ΦΡΟΝΙΜΑ ΤΑ ΠΑΙΔΙΑ προτιμούν τα παιγνίδια του καταστήματός μας. Βενιζέλου 28.
ΤΗΛΕΟΡΑΣΕΙΣ ΜΑΞ Πρίν αποφασίσετε επισκεφθήτε μας. Τηλ. 78.654.
ΔΙΣΚΟΙ - ΔΙΣΚΟΙ Όλα τα νέα τραγούδια του καλοκαιριού. Τηλ. 71.802.
ΤΑΠΕΤΣΑΡΙΕΣ ΤΟΙΧΟΥ, εκλεκτά σχέδια, αγγλικής προελεύσεως. Τηλ. 74.113.
ΧΩΡΙΣ ΚΑΘΑΛ Με δωρεάν εγκατάστασιν εις όλην την Θεσσαλονίκην. Τηλ. 75.990.
ΟΡΙΟΝ Αι μεγαλύτεραι εκπτώσεις εις υφάσματα και έτοιμα ενδύματα. Βενιζέλου 4.
ΕΙΣΑΙ ΤΑΙΡΙΑΣΤΗΣ Ευρίσκετε πλουσίαν συλλογήν εις το κατάστημά μας. Τηλ. 27.654.
ΦΡΟΝΤΙΣΤΗΡΙΑ ΚΑΙ ΣΧΟΛΑΙ
ΠΑΙΔΑΓΩΓΙΚΗ ΑΚΑΔΗΜΙΑ
μαθήματα γαλλικών και γερμανικών. Τηλ. 28.733.
ΙΑΤΡΙΚΑΙ ΣΧΟΛΑΙ
πιάνου, θεωρίας και αρμονίας. Τηλ. 73.417.
GOETHE - INSTITUT
ΓΕΡΜΑΝΙΚΟΝ ΙΝΣΤΙΤΟΥΤΟΝ
«ΓΚΑΙΤΕ»
Έρμού 41, τηλ. 72-644
Αί έξετάσεις έπί τη λήξει τού σχολικού έτους 1963—64, θά διενεργηθούν άπό 2—5 Ίουνίου έ.έ.
ESKIMO
ESKIMO
ΑΥΤΟ ΕΙΝΑΙ ΨΥΓΕΙΟ
ΖΗΤΗΣΤΕ ΤΟΥ ΠΟΛΛΑ...
ΘΑ ΣΑΣ ΔΩΣΗ
ΠΕΡΙΣΣΟΤΕΡΑ!
